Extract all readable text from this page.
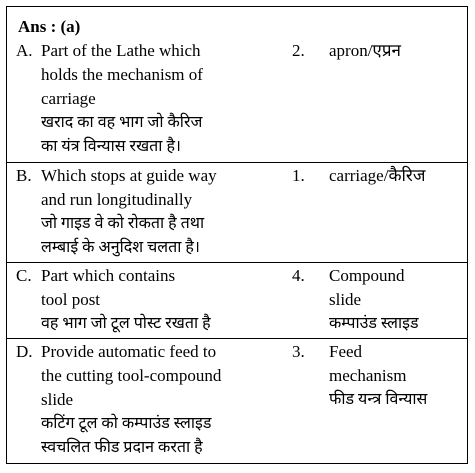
Ans : (a)
A. Part of the Lathe which
holds the mechanism of
carriage
खराद का वह भाग जो कैरिज
का यंत्र विन्यास रखता है।
2. apron/एप्रन
B. Which stops at guide way
and run longitudinally
जो गाइड वे को रोकता है तथा
लम्बाई के अनुदिश चलता है।
1. carriage/कैरिज
C. Part which contains
tool post
वह भाग जो टूल पोस्ट रखता है
4. Compound
slide
कम्पाउंड स्लाइड
D. Provide automatic feed to
the cutting tool-compound
slide
कटिंग टूल को कम्पाउंड स्लाइड
स्वचलित फीड प्रदान करता है
3. Feed
mechanism
फीड यन्त्र विन्यास
